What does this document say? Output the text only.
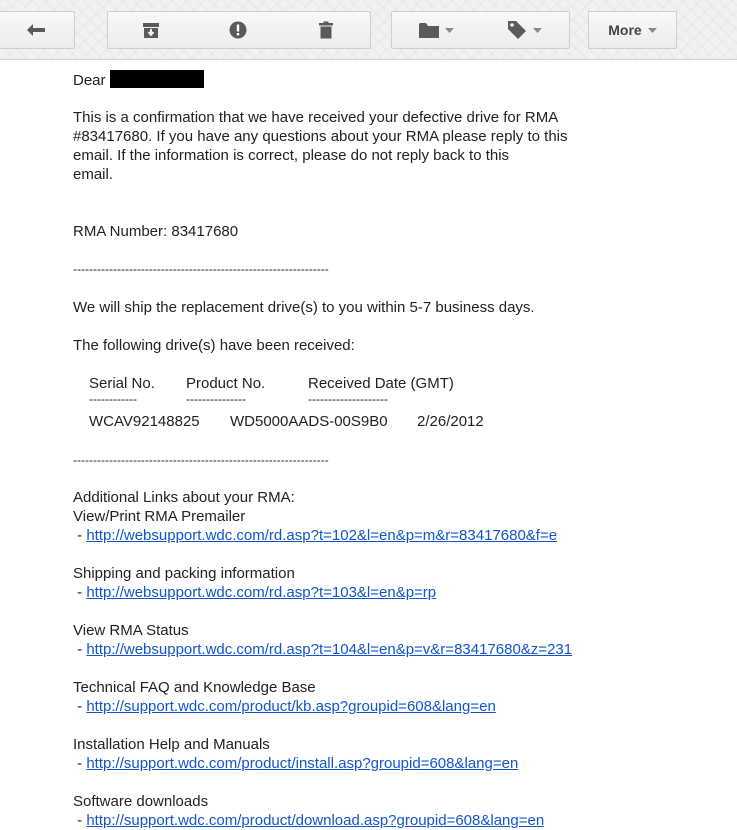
More
Dear
This is a confirmation that we have received your defective drive for RMA
#83417680. If you have any questions about your RMA please reply to this
email. If the information is correct, please do not reply back to this
email.
RMA Number: 83417680
----------------------------------------------------------------
We will ship the replacement drive(s) to you within 5-7 business days.
The following drive(s) have been received:
Serial No. Product No.	Received Date (GMT)
------------	---------------	--------------------
WCAV92148825 WD5000AADS-00S9B0 2/26/2012
----------------------------------------------------------------
Additional Links about your RMA:
View/Print RMA Premailer
- http://websupport.wdc.com/rd.asp?t=102&l=en&p=m&r=83417680&f=e
Shipping and packing information
- http://websupport.wdc.com/rd.asp?t=103&l=en&p=rp
View RMA Status
- http://websupport.wdc.com/rd.asp?t=104&l=en&p=v&r=83417680&z=231
Technical FAQ and Knowledge Base
- http://support.wdc.com/product/kb.asp?groupid=608&lang=en
Installation Help and Manuals
- http://support.wdc.com/product/install.asp?groupid=608&lang=en
Software downloads
- http://support.wdc.com/product/download.asp?groupid=608&lang=en
